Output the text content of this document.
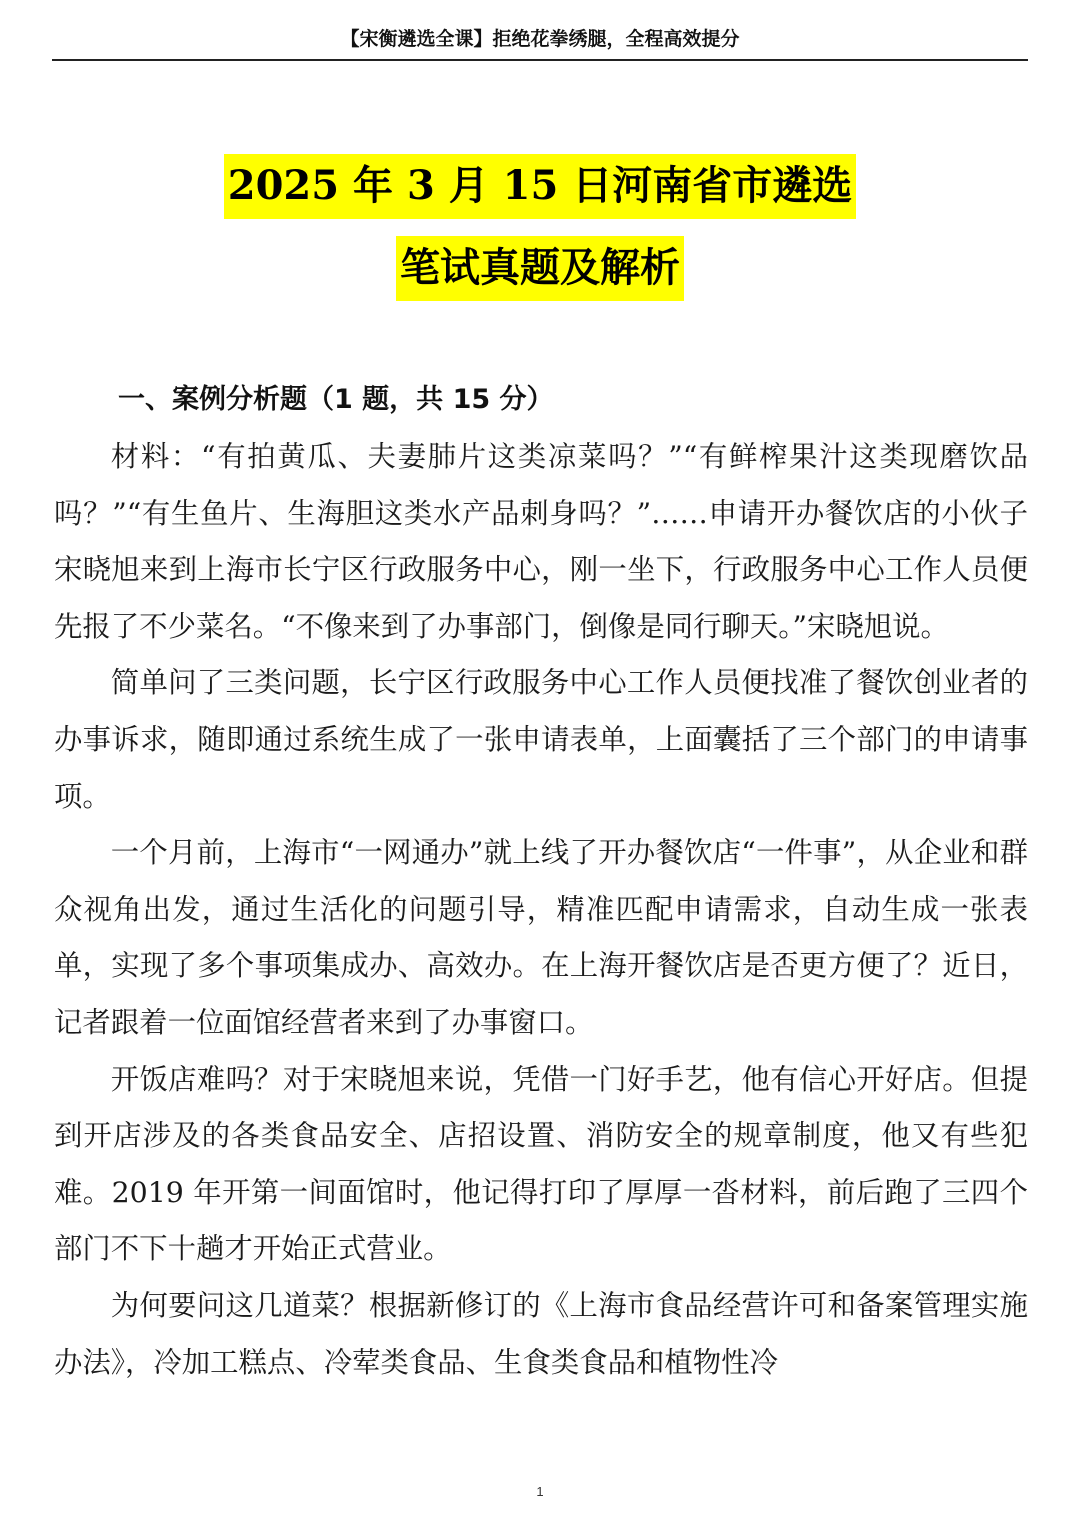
【宋衡遴选全课】拒绝花拳绣腿，全程高效提分
2025 年 3 月 15 日河南省市遴选
笔试真题及解析
一、案例分析题（1 题，共 15 分）

材料：“有拍黄瓜、夫妻肺片这类凉菜吗？”“有鲜榨果汁这类现磨饮品吗？”“有生鱼片、生海胆这类水产品刺身吗？”……申请开办餐饮店的小伙子宋晓旭来到上海市长宁区行政服务中心，刚一坐下，行政服务中心工作人员便先报了不少菜名。“不像来到了办事部门，倒像是同行聊天。”宋晓旭说。

简单问了三类问题，长宁区行政服务中心工作人员便找准了餐饮创业者的办事诉求，随即通过系统生成了一张申请表单，上面囊括了三个部门的申请事项。

一个月前，上海市“一网通办”就上线了开办餐饮店“一件事”，从企业和群众视角出发，通过生活化的问题引导，精准匹配申请需求，自动生成一张表单，实现了多个事项集成办、高效办。在上海开餐饮店是否更方便了？近日，记者跟着一位面馆经营者来到了办事窗口。

开饭店难吗？对于宋晓旭来说，凭借一门好手艺，他有信心开好店。但提到开店涉及的各类食品安全、店招设置、消防安全的规章制度，他又有些犯难。2019 年开第一间面馆时，他记得打印了厚厚一沓材料，前后跑了三四个部门不下十趟才开始正式营业。

为何要问这几道菜？根据新修订的《上海市食品经营许可和备案管理实施办法》，冷加工糕点、冷荤类食品、生食类食品和植物性冷

1
